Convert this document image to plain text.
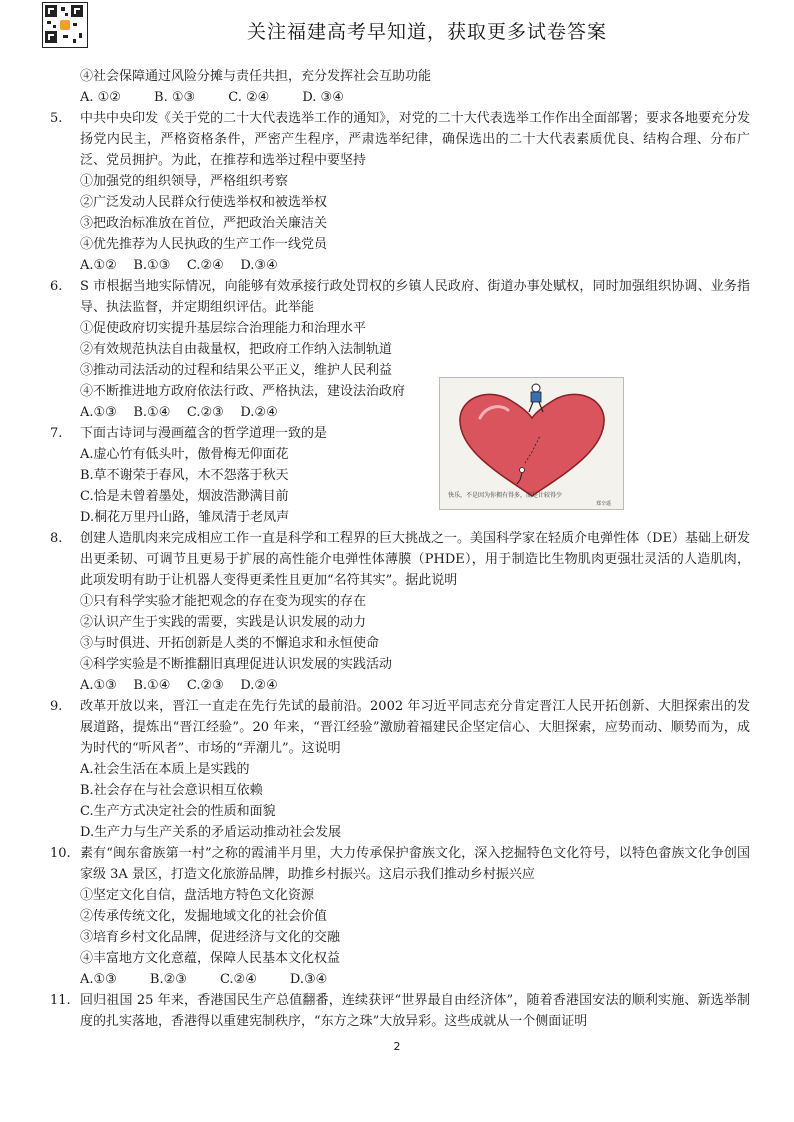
关注福建高考早知道，获取更多试卷答案
④社会保障通过风险分摊与责任共担，充分发挥社会互助功能
A. ①②        B. ①③        C. ②④        D. ③④
5.	中共中央印发《关于党的二十大代表选举工作的通知》，对党的二十大代表选举工作作出全面部署；要求各地要充分发扬党内民主，严格资格条件，严密产生程序，严肃选举纪律，确保选出的二十大代表素质优良、结构合理、分布广泛、党员拥护。为此，在推荐和选举过程中要坚持
①加强党的组织领导，严格组织考察
②广泛发动人民群众行使选举权和被选举权
③把政治标准放在首位，严把政治关廉洁关
④优先推荐为人民执政的生产工作一线党员
A.①②    B.①③    C.②④    D.③④
6.	S 市根据当地实际情况，向能够有效承接行政处罚权的乡镇人民政府、街道办事处赋权，同时加强组织协调、业务指导、执法监督，并定期组织评估。此举能
①促使政府切实提升基层综合治理能力和治理水平
②有效规范执法自由裁量权，把政府工作纳入法制轨道
③推动司法活动的过程和结果公平正义，维护人民利益
④不断推进地方政府依法行政、严格执法，建设法治政府
A.①③    B.①④    C.②③    D.②④
7.	下面古诗词与漫画蕴含的哲学道理一致的是
A.虚心竹有低头叶，傲骨梅无仰面花
B.草不谢荣于春风，木不怨落于秋天
C.恰是未曾着墨处，烟波浩渺满目前
D.桐花万里丹山路，雏凤清于老凤声
8.	创建人造肌肉来完成相应工作一直是科学和工程界的巨大挑战之一。美国科学家在轻质介电弹性体（DE）基础上研发出更柔韧、可调节且更易于扩展的高性能介电弹性体薄膜（PHDE），用于制造比生物肌肉更强壮灵活的人造肌肉，此项发明有助于让机器人变得更柔性且更加“名符其实”。据此说明
①只有科学实验才能把观念的存在变为现实的存在
②认识产生于实践的需要，实践是认识发展的动力
③与时俱进、开拓创新是人类的不懈追求和永恒使命
④科学实验是不断推翻旧真理促进认识发展的实践活动
A.①③    B.①④    C.②③    D.②④
9.	改革开放以来，晋江一直走在先行先试的最前沿。2002 年习近平同志充分肯定晋江人民开拓创新、大胆探索出的发展道路，提炼出“晋江经验”。20 年来，“晋江经验”激励着福建民企坚定信心、大胆探索，应势而动、顺势而为，成为时代的“听风者”、市场的“弄潮儿”。这说明
A.社会生活在本质上是实践的
B.社会存在与社会意识相互依赖
C.生产方式决定社会的性质和面貌
D.生产力与生产关系的矛盾运动推动社会发展
10. 素有“闽东畲族第一村”之称的霞浦半月里，大力传承保护畲族文化，深入挖掘特色文化符号，以特色畲族文化争创国家级 3A 景区，打造文化旅游品牌，助推乡村振兴。这启示我们推动乡村振兴应
①坚定文化自信，盘活地方特色文化资源
②传承传统文化，发掘地域文化的社会价值
③培育乡村文化品牌，促进经济与文化的交融
④丰富地方文化意蕴，保障人民基本文化权益
A.①③        B.②③        C.②④        D.③④
11. 回归祖国 25 年来，香港国民生产总值翻番，连续获评“世界最自由经济体”，随着香港国安法的顺利实施、新选举制度的扎实落地，香港得以重建宪制秩序，“东方之珠”大放异彩。这些成就从一个侧面证明
快乐，不是因为你拥有得多，而是计较得少
郑辛遥
2
